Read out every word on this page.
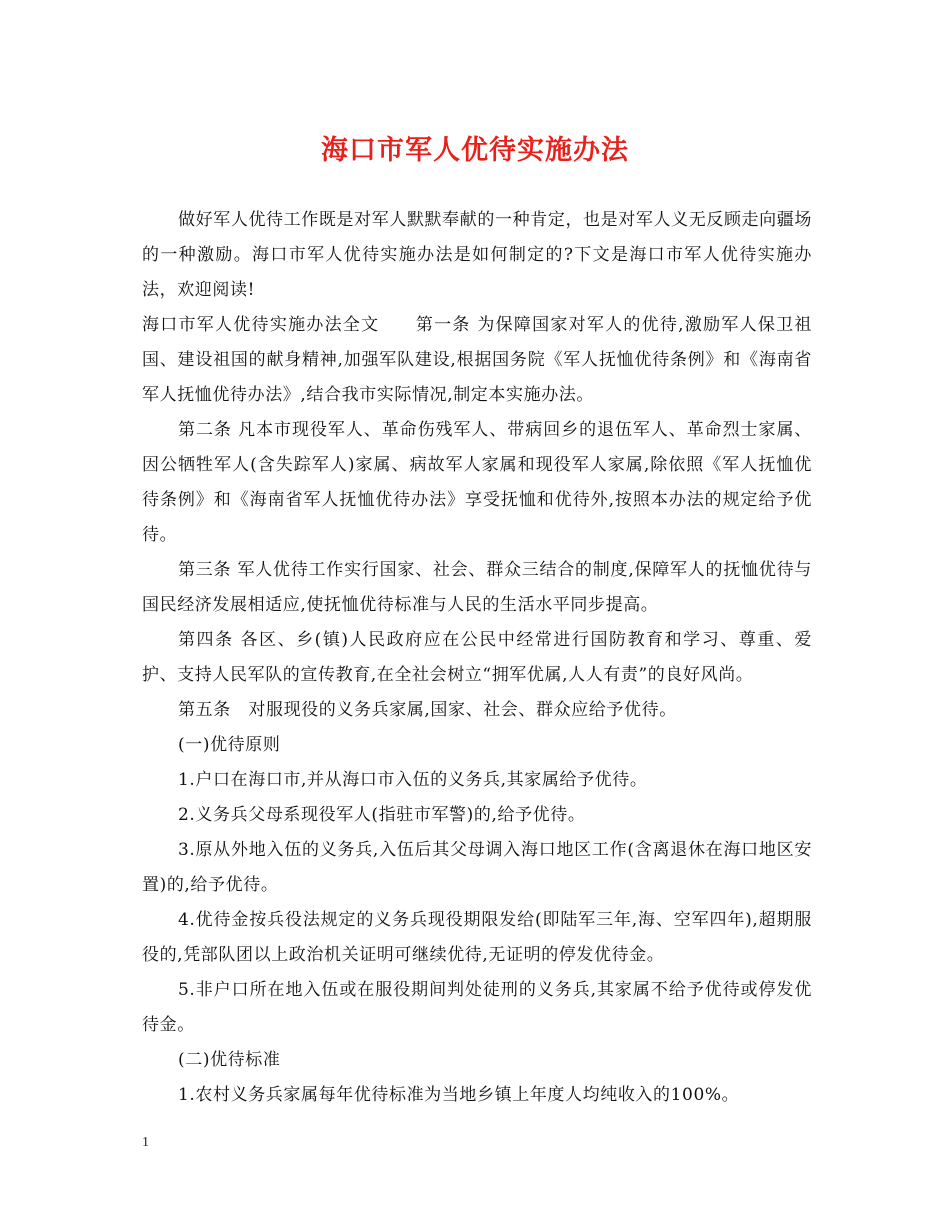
海口市军人优待实施办法

做好军人优待工作既是对军人默默奉献的一种肯定，也是对军人义无反顾走向疆场的一种激励。海口市军人优待实施办法是如何制定的?下文是海口市军人优待实施办法，欢迎阅读!

海口市军人优待实施办法全文　　第一条 为保障国家对军人的优待,激励军人保卫祖国、建设祖国的献身精神,加强军队建设,根据国务院《军人抚恤优待条例》和《海南省军人抚恤优待办法》,结合我市实际情况,制定本实施办法。

第二条 凡本市现役军人、革命伤残军人、带病回乡的退伍军人、革命烈士家属、因公牺牲军人(含失踪军人)家属、病故军人家属和现役军人家属,除依照《军人抚恤优待条例》和《海南省军人抚恤优待办法》享受抚恤和优待外,按照本办法的规定给予优待。

第三条 军人优待工作实行国家、社会、群众三结合的制度,保障军人的抚恤优待与国民经济发展相适应,使抚恤优待标准与人民的生活水平同步提高。

第四条 各区、乡(镇)人民政府应在公民中经常进行国防教育和学习、尊重、爱护、支持人民军队的宣传教育,在全社会树立“拥军优属,人人有责”的良好风尚。

第五条　对服现役的义务兵家属,国家、社会、群众应给予优待。

(一)优待原则

1.户口在海口市,并从海口市入伍的义务兵,其家属给予优待。

2.义务兵父母系现役军人(指驻市军警)的,给予优待。

3.原从外地入伍的义务兵,入伍后其父母调入海口地区工作(含离退休在海口地区安置)的,给予优待。

4.优待金按兵役法规定的义务兵现役期限发给(即陆军三年,海、空军四年),超期服役的,凭部队团以上政治机关证明可继续优待,无证明的停发优待金。

5.非户口所在地入伍或在服役期间判处徒刑的义务兵,其家属不给予优待或停发优待金。

(二)优待标准

1.农村义务兵家属每年优待标准为当地乡镇上年度人均纯收入的100%。

1
